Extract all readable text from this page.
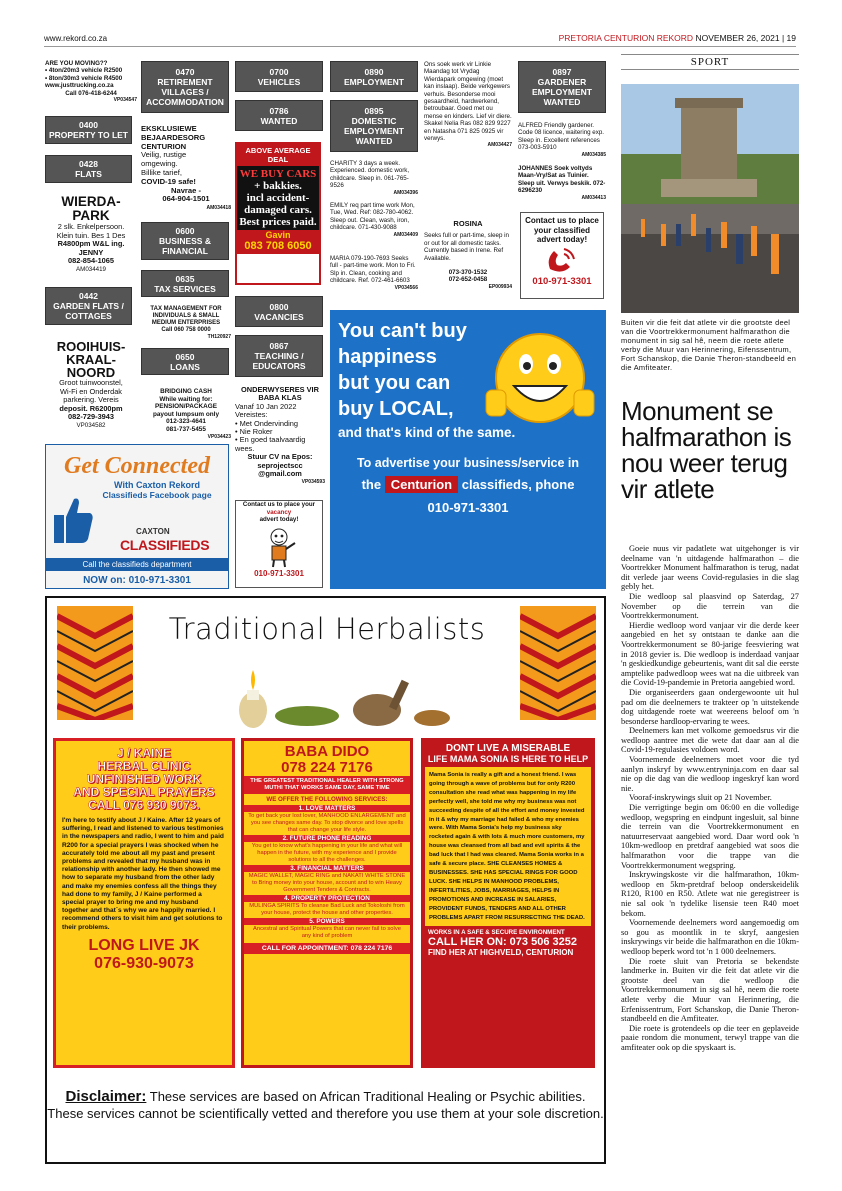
www.rekord.co.za	PRETORIA CENTURION REKORD NOVEMBER 26, 2021 | 19
ARE YOU MOVING??
• 4ton/20m3 vehicle R2500
• 8ton/30m3 vehicle R4500
www.justtrucking.co.za
Call 076-418-6244
VP034547
0400
PROPERTY TO LET
0428
FLATS
WIERDA-PARK
2 slk. Enkelpersoon.
Klein tuin. Bes 1 Des
R4800pm W&L ing.
JENNY
082-854-1065
AM034419
0442
GARDEN FLATS / COTTAGES
ROOIHUIS-KRAAL-NOORD
Groot tuinwoonstel,
Wi-Fi en Onderdak
parkering. Vereis
deposit. R6200pm
082-729-3943
VP034582
0470
RETIREMENT VILLAGES / ACCOMMODATION
EKSKLUSIEWE BEJAARDESORG CENTURION
Veilig, rustige
omgewing.
Billike tarief,
COVID-19 safe!
Navrae -
064-904-1501
AM034418
0600
BUSINESS & FINANCIAL
0635
TAX SERVICES
TAX MANAGEMENT FOR
INDIVIDUALS & SMALL
MEDIUM ENTERPRISES
Call 060 758 0000
TH120927
0650
LOANS
BRIDGING CASH
While waiting for:
PENSION/PACKAGE
payout lumpsum only
012-323-4641
081-737-5455
VP034423
0700
VEHICLES
0786
WANTED
ABOVE AVERAGE DEAL
WE BUY CARS
+ bakkies.
incl accident-
damaged cars.
Best prices paid.
Gavin
083 708 6050
0800
VACANCIES
0867
TEACHING / EDUCATORS
ONDERWYSERES VIR BABA KLAS
Vanaf 10 Jan 2022
Vereistes:
• Met Ondervinding
• Nie Roker
• En goed taalvaardig
wees.
Stuur CV na Epos:
seprojectscc
@gmail.com
VP034593
Contact us to place your
vacancy
advert today!
010-971-3301
0890
EMPLOYMENT
0895
DOMESTIC EMPLOYMENT WANTED
CHARITY 3 days a week. Experienced. domestic work, childcare. Sleep in. 061-765-9526
AM034396
EMILY req part time work Mon, Tue, Wed. Ref: 082-780-4062. Sleep out. Clean, wash, iron, childcare. 071-430-9088
AM034409
MARIA 079-190-7693 Seeks full - part-time work. Mon to Fri. Slp in. Clean, cooking and childcare. Ref. 072-461-6603
VP034566
Ons soek werk vir Linkie Maandag tot Vrydag Wierdapark omgewing (moet kan inslaap). Beide verkgewers verhuis. Besonderse mooi gesaardheid, hardwerkend, betroubaar. Goed met ou mense en kinders. Lief vir diere. Skakel Nelia Ras 082 829 9227 en Natasha 071 825 0925 vir verwys.
AM034427
ROSINA
Seeks full or part-time, sleep in or out for all domestic tasks. Currently based in Irene. Ref Available.
073-370-1532
072-652-0458
EP009934
0897
GARDENER EMPLOYMENT WANTED
ALFRED Friendly gardener. Code 08 licence, waitering exp. Sleep in. Excellent references 073-003-5910
AM034385
JOHANNES Soek voltyds Maan-Vry/Sat as Tuinier. Sleep uit. Verwys beskik. 072-6296230
AM034413
Contact us to place
your classified
advert today!
010-971-3301
Get Connected
With Caxton Rekord
Classifieds Facebook page
CAXTON
CLASSIFIEDS
Call the classifieds department
NOW on: 010-971-3301
You can't buy
happiness
but you can
buy LOCAL,
and that's kind of the same.
To advertise your business/service in
the Centurion classifieds, phone
010-971-3301
Traditional Herbalists
J / KAINE
HERBAL CLINIC
UNFINISHED WORK
AND SPECIAL PRAYERS
CALL 076 930 9073.
I'm here to testify about J / Kaine. After 12 years of suffering, I read and listened to various testimonies in the newspapers and radio, I went to him and paid R200 for a special prayers I was shocked when he accurately told me about all my past and present problems and revealed that my husband was in relationship with another lady. He then showed me how to separate my husband from the other lady and make my enemies confess all the things they had done to my family, J / Kaine performed a special prayer to bring me and my husband together and that`s why we are happily married. I recommend others to visit him and get solutions to their problems.
LONG LIVE JK
076-930-9073
BABA DIDO
078 224 7176
THE GREATEST TRADITIONAL HEALER WITH STRONG MUTHI THAT WORKS SAME DAY, SAME TIME
WE OFFER THE FOLLOWING SERVICES:
1. LOVE MATTERS
To get back your lost lover, MANHOOD ENLARGEMENT and you see changes same day. To stop divorce and love spells that can change your life style.
2. FUTURE PHONE READING
You get to know what's happening in your life and what will happen in the future, with my experience and I provide solutions to all the challenges.
3. FINANCIAL MATTERS
MAGIC WALLET, MAGIC RING and NAKATI WHITE STONE to Bring money into your house, account and to win Heavy Government Tenders & Contracts.
4. PROPERTY PROTECTION
MULINGA SPIRITS To cleanse Bad Luck and Tokoloshi from your house, protect the house and other properties.
5. POWERS
Ancestral and Spiritual Powers that can never fail to solve any kind of problem
CALL FOR APPOINTMENT: 078 224 7176
DONT LIVE A MISERABLE
LIFE MAMA SONIA IS HERE TO HELP
Mama Sonia is really a gift and a honest friend. I was going through a wave of problems but for only R200 consultation she read what was happening in my life perfectly well, she told me why my business was not succeeding despite of all the effort and money invested in it & why my marriage had failed & who my enemies were. With Mama Sonia's help my business sky rocketed again & with lots & much more customers, my house was cleansed from all bad and evil spirits & the bad luck that I had was cleared. Mama Sonia works in a safe & secure place. SHE CLEANSES HOMES & BUSINESSES. SHE HAS SPECIAL RINGS FOR GOOD LUCK. SHE HELPS IN MANHOOD PROBLEMS, INFERTILITIES, JOBS, MARRIAGES, HELPS IN PROMOTIONS AND INCREASE IN SALARIES, PROVIDENT FUNDS, TENDERS AND ALL OTHER PROBLEMS APART FROM RESURRECTING THE DEAD.
WORKS IN A SAFE & SECURE ENVIRONMENT
CALL HER ON: 073 506 3252
FIND HER AT HIGHVELD, CENTURION
Disclaimer: These services are based on African Traditional Healing or Psychic abilities.
These services cannot be scientifically vetted and therefore you use them at your sole discretion.
SPORT
Buiten vir die feit dat atlete vir die grootste deel van die Voortrekkermonument halfmarathon die monument in sig sal hê, neem die roete atlete verby die Muur van Herinnering, Eifenssentrum, Fort Schanskop, die Danie Theron-standbeeld en die Amfiteater.
Monument se halfmarathon is nou weer terug vir atlete

Goeie nuus vir padatlete wat uitgehonger is vir deelname van 'n uitdagende halfmarathon – die Voortrekker Monument halfmarathon is terug, nadat dit verlede jaar weens Covid-regulasies in die slag gebly het.

Die wedloop sal plaasvind op Saterdag, 27 November op die terrein van die Voortrekkermonument.

Hierdie wedloop word vanjaar vir die derde keer aangebied en het sy ontstaan te danke aan die Voortrekkermonument se 80-jarige feesviering wat in 2018 gevier is. Die wedloop is inderdaad vanjaar 'n geskiedkundige gebeurtenis, want dit sal die eerste amptelike padwedloop wees wat na die uitbreek van die Covid-19-pandemie in Pretoria aangebied word.

Die organiseerders gaan ondergewoonte uit hul pad om die deelnemers te trakteer op 'n uitstekende dog uitdagende roete wat weereens beloof om 'n besonderse hardloop-ervaring te wees.

Deelnemers kan met volkome gemoedsrus vir die wedloop aantree met die wete dat daar aan al die Covid-19-regulasies voldoen word.

Voornemende deelnemers moet voor die tyd aanlyn inskryf by www.entryninja.com en daar sal nie op die dag van die wedloop ingeskryf kan word nie.

Vooraf-inskrywings sluit op 21 November.

Die verrigtinge begin om 06:00 en die volledige wedloop, wegspring en eindpunt ingesluit, sal binne die terrein van die Voortrekkermonument en natuurreservaat aangebied word. Daar word ook 'n 10km-wedloop en pretdraf aangebied wat soos die halfmarathon voor die trappe van die Voortrekkermonument wegspring.

Inskrywingskoste vir die halfmarathon, 10km-wedloop en 5km-pretdraf beloop onderskeidelik R120, R100 en R50. Atlete wat nie geregistreer is nie sal ook 'n tydelike lisensie teen R40 moet bekom.

Voornemende deelnemers word aangemoedig om so gou as moontlik in te skryf, aangesien inskrywings vir beide die halfmarathon en die 10km-wedloop beperk word tot 'n 1 000 deelnemers.

Die roete sluit van Pretoria se bekendste landmerke in. Buiten vir die feit dat atlete vir die grootste deel van die wedloop die Voortrekkermonument in sig sal hê, neem die roete atlete verby die Muur van Herinnering, die Erfenissentrum, Fort Schanskop, die Danie Theron-standbeeld en die Amfiteater.

Die roete is grotendeels op die teer en geplaveide paaie rondom die monument, terwyl trappe van die amfiteater ook op die spyskaart is.
